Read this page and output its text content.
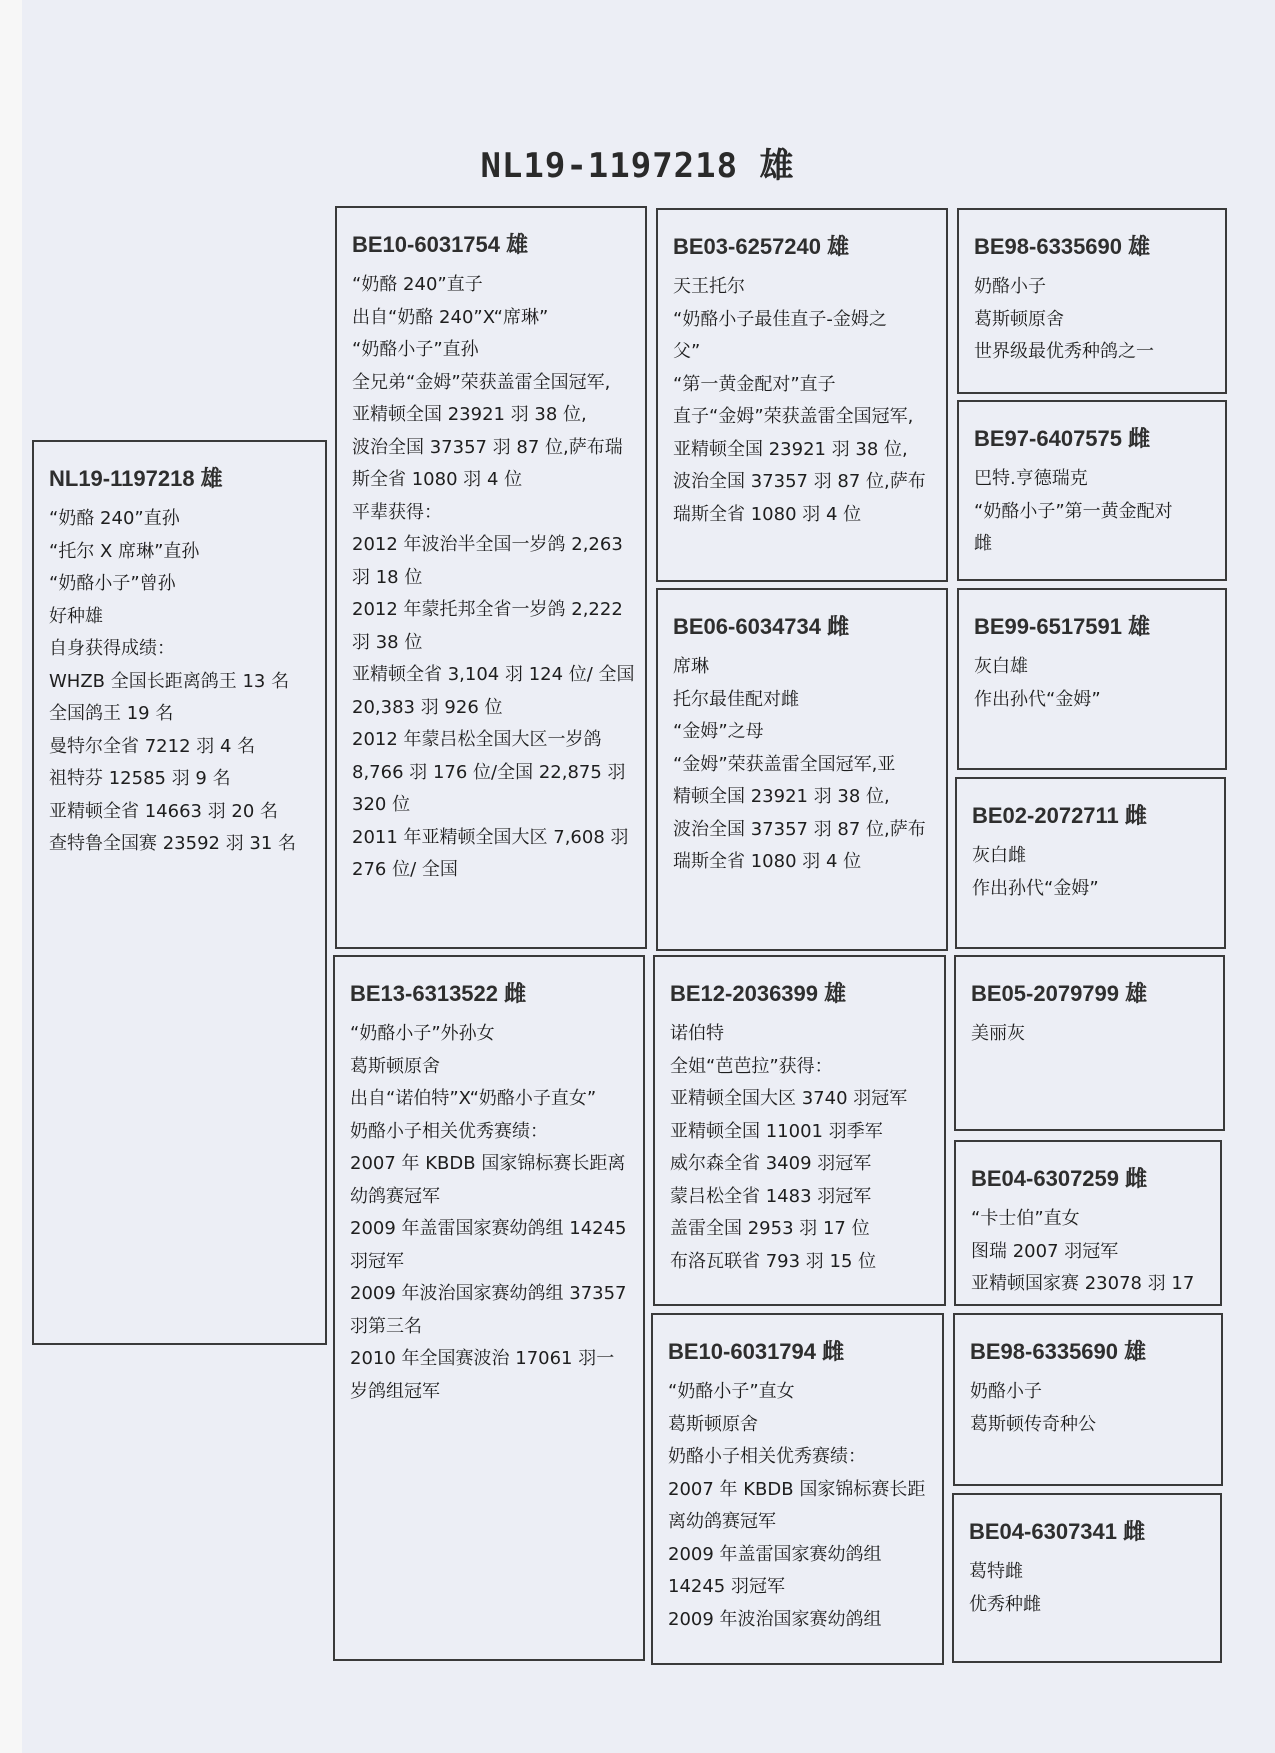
NL19-1197218 雄
NL19-1197218 雄
“奶酪 240”直孙
“托尔 X 席琳”直孙
“奶酪小子”曾孙
好种雄
自身获得成绩：
WHZB 全国长距离鸽王 13 名
全国鸽王 19 名
曼特尔全省 7212 羽 4 名
祖特芬 12585 羽 9 名
亚精顿全省 14663 羽 20 名
查特鲁全国赛 23592 羽 31 名
BE10-6031754 雄
“奶酪 240”直子
出自“奶酪 240”X“席琳”
“奶酪小子”直孙
全兄弟“金姆”荣获盖雷全国冠军,
亚精顿全国 23921 羽 38 位,
波治全国 37357 羽 87 位,萨布瑞
斯全省 1080 羽 4 位
平辈获得：
2012 年波治半全国一岁鸽 2,263
羽 18 位
2012 年蒙托邦全省一岁鸽 2,222
羽 38 位
亚精顿全省 3,104 羽 124 位/ 全国
20,383 羽 926 位
2012 年蒙吕松全国大区一岁鸽
8,766 羽 176 位/全国 22,875 羽
320 位
2011 年亚精顿全国大区 7,608 羽
276 位/ 全国
BE13-6313522 雌
“奶酪小子”外孙女
葛斯顿原舍
出自“诺伯特”X“奶酪小子直女”
奶酪小子相关优秀赛绩：
2007 年 KBDB 国家锦标赛长距离
幼鸽赛冠军
2009 年盖雷国家赛幼鸽组 14245
羽冠军
2009 年波治国家赛幼鸽组 37357
羽第三名
2010 年全国赛波治 17061 羽一
岁鸽组冠军
BE03-6257240 雄
天王托尔
“奶酪小子最佳直子-金姆之
父”
“第一黄金配对”直子
直子“金姆”荣获盖雷全国冠军,
亚精顿全国 23921 羽 38 位,
波治全国 37357 羽 87 位,萨布
瑞斯全省 1080 羽 4 位
BE06-6034734 雌
席琳
托尔最佳配对雌
“金姆”之母
“金姆”荣获盖雷全国冠军,亚
精顿全国 23921 羽 38 位,
波治全国 37357 羽 87 位,萨布
瑞斯全省 1080 羽 4 位
BE12-2036399 雄
诺伯特
全姐“芭芭拉”获得：
亚精顿全国大区 3740 羽冠军
亚精顿全国 11001 羽季军
威尔森全省 3409 羽冠军
蒙吕松全省 1483 羽冠军
盖雷全国 2953 羽 17 位
布洛瓦联省 793 羽 15 位
BE10-6031794 雌
“奶酪小子”直女
葛斯顿原舍
奶酪小子相关优秀赛绩：
2007 年 KBDB 国家锦标赛长距
离幼鸽赛冠军
2009 年盖雷国家赛幼鸽组
14245 羽冠军
2009 年波治国家赛幼鸽组
BE98-6335690 雄
奶酪小子
葛斯顿原舍
世界级最优秀种鸽之一
BE97-6407575 雌
巴特.亨德瑞克
“奶酪小子”第一黄金配对
雌
BE99-6517591 雄
灰白雄
作出孙代“金姆”
BE02-2072711 雌
灰白雌
作出孙代“金姆”
BE05-2079799 雄
美丽灰
BE04-6307259 雌
“卡士伯”直女
图瑞 2007 羽冠军
亚精顿国家赛 23078 羽 17
BE98-6335690 雄
奶酪小子
葛斯顿传奇种公
BE04-6307341 雌
葛特雌
优秀种雌
